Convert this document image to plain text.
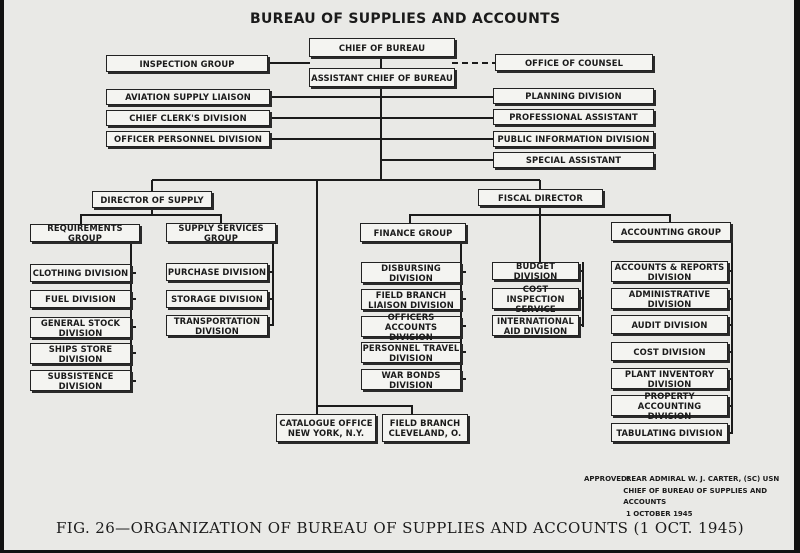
BUREAU OF SUPPLIES AND ACCOUNTS
CHIEF OF BUREAU
ASSISTANT CHIEF OF BUREAU
INSPECTION GROUP	OFFICE OF COUNSEL
AVIATION SUPPLY LIAISON
CHIEF CLERK'S DIVISION
OFFICER PERSONNEL DIVISION
PLANNING DIVISION
PROFESSIONAL ASSISTANT
PUBLIC INFORMATION DIVISION
SPECIAL ASSISTANT
DIRECTOR OF SUPPLY	FISCAL DIRECTOR
REQUIREMENTS GROUP
SUPPLY SERVICES GROUP	FINANCE GROUP	ACCOUNTING GROUP
CLOTHING DIVISION
FUEL DIVISION
GENERAL STOCK
DIVISION
SHIPS STORE
DIVISION
SUBSISTENCE
DIVISION
PURCHASE DIVISION
STORAGE DIVISION
TRANSPORTATION
DIVISION
DISBURSING
DIVISION
FIELD BRANCH
LIAISON DIVISION
OFFICERS ACCOUNTS
DIVISION
PERSONNEL TRAVEL
DIVISION
WAR BONDS
DIVISION
BUDGET DIVISION
COST INSPECTION
SERVICE
INTERNATIONAL
AID DIVISION
ACCOUNTS & REPORTS
DIVISION
ADMINISTRATIVE
DIVISION
AUDIT DIVISION
COST DIVISION
PLANT INVENTORY
DIVISION
PROPERTY ACCOUNTING
DIVISION
TABULATING DIVISION
CATALOGUE OFFICE
NEW YORK, N.Y.
FIELD BRANCH
CLEVELAND, O.
APPROVED:
REAR ADMIRAL W. J. CARTER, (SC) USN
CHIEF OF BUREAU OF SUPPLIES AND ACCOUNTS
1 OCTOBER 1945
FIG. 26—ORGANIZATION OF BUREAU OF SUPPLIES AND ACCOUNTS (1 OCT. 1945)
